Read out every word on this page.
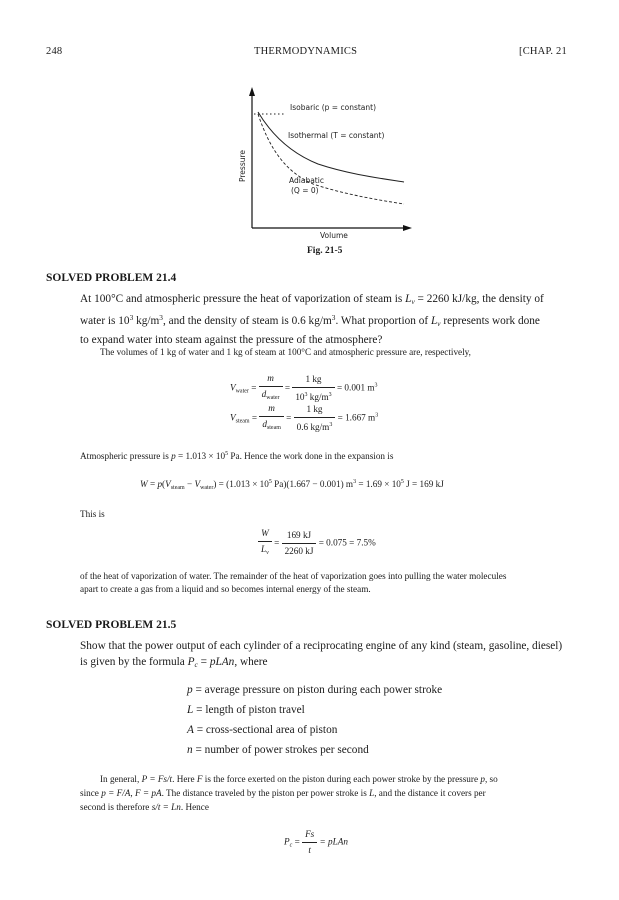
248	THERMODYNAMICS	[CHAP. 21
Isobaric (p = constant)
Isothermal (T = constant)
Adiabatic
(Q = 0)
Pressure
Volume
Fig. 21-5
SOLVED PROBLEM 21.4
At 100°C and atmospheric pressure the heat of vaporization of steam is $L_v = 2260$ kJ/kg, the density of
water is $10^3$ $kg/m^3$, and the density of steam is 0.6 $kg/m^3$. What proportion of $L_v$ represents work done
to expand water into steam against the pressure of the atmosphere?
The volumes of 1 kg of water and 1 kg of steam at 100°C and atmospheric pressure are, respectively,
$V_{water} = \frac{m}{d_{water}} = \frac{1 kg}{10^3 kg/m^3} = 0.001$ $m^3$
$V_{steam} = \frac{m}{d_{steam}} = \frac{1 kg}{0.6 kg/m^3} = 1.667$ $m^3$
Atmospheric pressure is $p = 1.013 \times 10^5$ Pa. Hence the work done in the expansion is
$W = p(V_{steam} - V_{water}) = (1.013 \times 10^5$ Pa)(1.667 − 0.001) $m^3 = 1.69 \times 10^5$ J = 169 kJ
This is
$\frac{W}{L_v} = \frac{169 kJ}{2260 kJ} = 0.075 = 7.5\%$
of the heat of vaporization of water. The remainder of the heat of vaporization goes into pulling the water molecules
apart to create a gas from a liquid and so becomes internal energy of the steam.
SOLVED PROBLEM 21.5
Show that the power output of each cylinder of a reciprocating engine of any kind (steam, gasoline, diesel)
is given by the formula $P_c$ = pLAn, where
p = average pressure on piston during each power stroke
L = length of piston travel
A = cross-sectional area of piston
n = number of power strokes per second
In general, P = Fs/t. Here F is the force exerted on the piston during each power stroke by the pressure p, so
since p = F/A, F = pA. The distance traveled by the piston per power stroke is L, and the distance it covers per
second is therefore s/t = Ln. Hence
$P_c = \frac{Fs}{t}$ = pLAn
